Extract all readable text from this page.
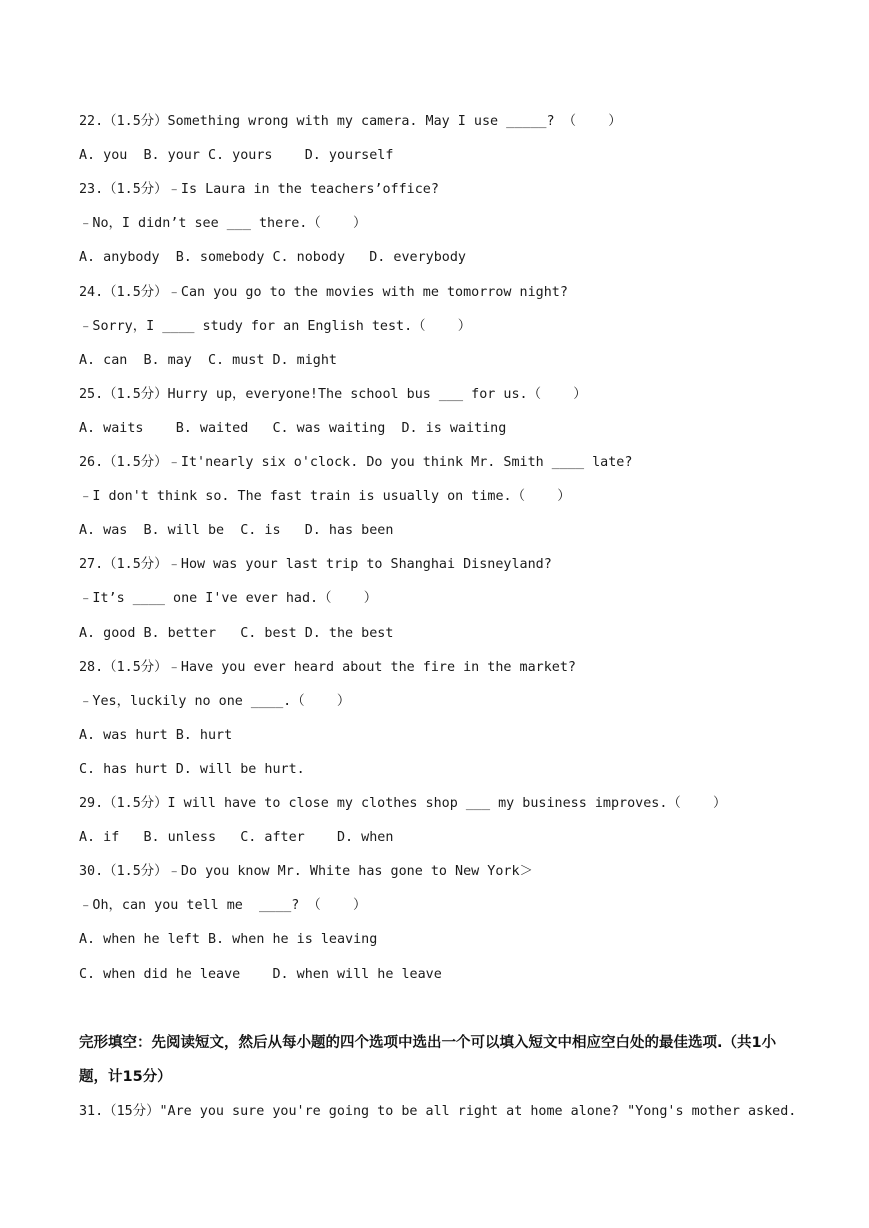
22.（1.5分）Something wrong with my camera. May I use _____? （    ）
A. you  B. your C. yours    D. yourself
23.（1.5分）﹣Is Laura in the teachers’office?
﹣No，I didn’t see ___ there.（    ）
A. anybody  B. somebody C. nobody   D. everybody
24.（1.5分）﹣Can you go to the movies with me tomorrow night?
﹣Sorry，I ____ study for an English test.（    ）
A. can  B. may  C. must D. might
25.（1.5分）Hurry up，everyone!The school bus ___ for us.（    ）
A. waits    B. waited   C. was waiting  D. is waiting
26.（1.5分）﹣It'nearly six o'clock. Do you think Mr. Smith ____ late?
﹣I don't think so. The fast train is usually on time.（    ）
A. was  B. will be  C. is   D. has been
27.（1.5分）﹣How was your last trip to Shanghai Disneyland?
﹣It’s ____ one I've ever had.（    ）
A. good B. better   C. best D. the best
28.（1.5分）﹣Have you ever heard about the fire in the market?
﹣Yes，luckily no one ____.（    ）
A. was hurt B. hurt
C. has hurt D. will be hurt.
29.（1.5分）I will have to close my clothes shop ___ my business improves.（    ）
A. if   B. unless   C. after    D. when
30.（1.5分）﹣Do you know Mr. White has gone to New York＞
﹣Oh，can you tell me  ____? （    ）
A. when he left B. when he is leaving
C. when did he leave    D. when will he leave
完形填空：先阅读短文，然后从每小题的四个选项中选出一个可以填入短文中相应空白处的最佳选项.（共1小题，计15分）
31.（15分）"Are you sure you're going to be all right at home alone? "Yong's mother asked.
